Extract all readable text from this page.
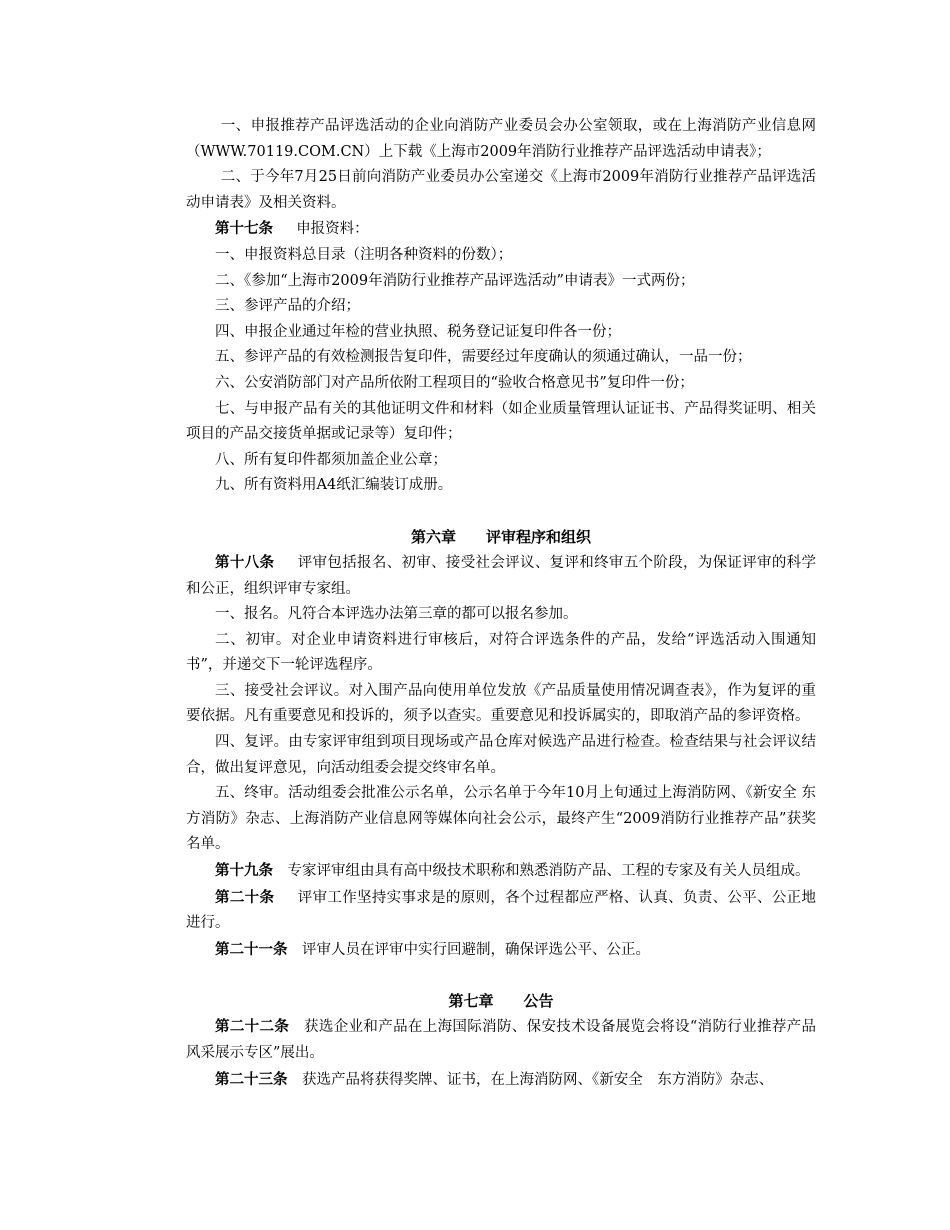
一、申报推荐产品评选活动的企业向消防产业委员会办公室领取，或在上海消防产业信息网（WWW.70119.COM.CN）上下载《上海市2009年消防行业推荐产品评选活动申请表》；

二、于今年7月25日前向消防产业委员办公室递交《上海市2009年消防行业推荐产品评选活动申请表》及相关资料。

第十七条 申报资料：

一、申报资料总目录（注明各种资料的份数）；

二、《参加“上海市2009年消防行业推荐产品评选活动”申请表》一式两份；

三、参评产品的介绍；

四、申报企业通过年检的营业执照、税务登记证复印件各一份；

五、参评产品的有效检测报告复印件，需要经过年度确认的须通过确认，一品一份；

六、公安消防部门对产品所依附工程项目的“验收合格意见书”复印件一份；

七、与申报产品有关的其他证明文件和材料（如企业质量管理认证证书、产品得奖证明、相关项目的产品交接货单据或记录等）复印件；

八、所有复印件都须加盖企业公章；

九、所有资料用A4纸汇编装订成册。

第六章　　评审程序和组织

第十八条 评审包括报名、初审、接受社会评议、复评和终审五个阶段，为保证评审的科学和公正，组织评审专家组。

一、报名。凡符合本评选办法第三章的都可以报名参加。

二、初审。对企业申请资料进行审核后，对符合评选条件的产品，发给“评选活动入围通知书”，并递交下一轮评选程序。

三、接受社会评议。对入围产品向使用单位发放《产品质量使用情况调查表》，作为复评的重要依据。凡有重要意见和投诉的，须予以查实。重要意见和投诉属实的，即取消产品的参评资格。

四、复评。由专家评审组到项目现场或产品仓库对候选产品进行检查。检查结果与社会评议结合，做出复评意见，向活动组委会提交终审名单。

五、终审。活动组委会批准公示名单，公示名单于今年10月上旬通过上海消防网、《新安全 东方消防》杂志、上海消防产业信息网等媒体向社会公示，最终产生“2009消防行业推荐产品”获奖名单。

第十九条 专家评审组由具有高中级技术职称和熟悉消防产品、工程的专家及有关人员组成。

第二十条 评审工作坚持实事求是的原则，各个过程都应严格、认真、负责、公平、公正地进行。

第二十一条 评审人员在评审中实行回避制，确保评选公平、公正。

第七章　　公告

第二十二条 获选企业和产品在上海国际消防、保安技术设备展览会将设“消防行业推荐产品风采展示专区”展出。

第二十三条 获选产品将获得奖牌、证书，在上海消防网、《新安全　东方消防》杂志、
